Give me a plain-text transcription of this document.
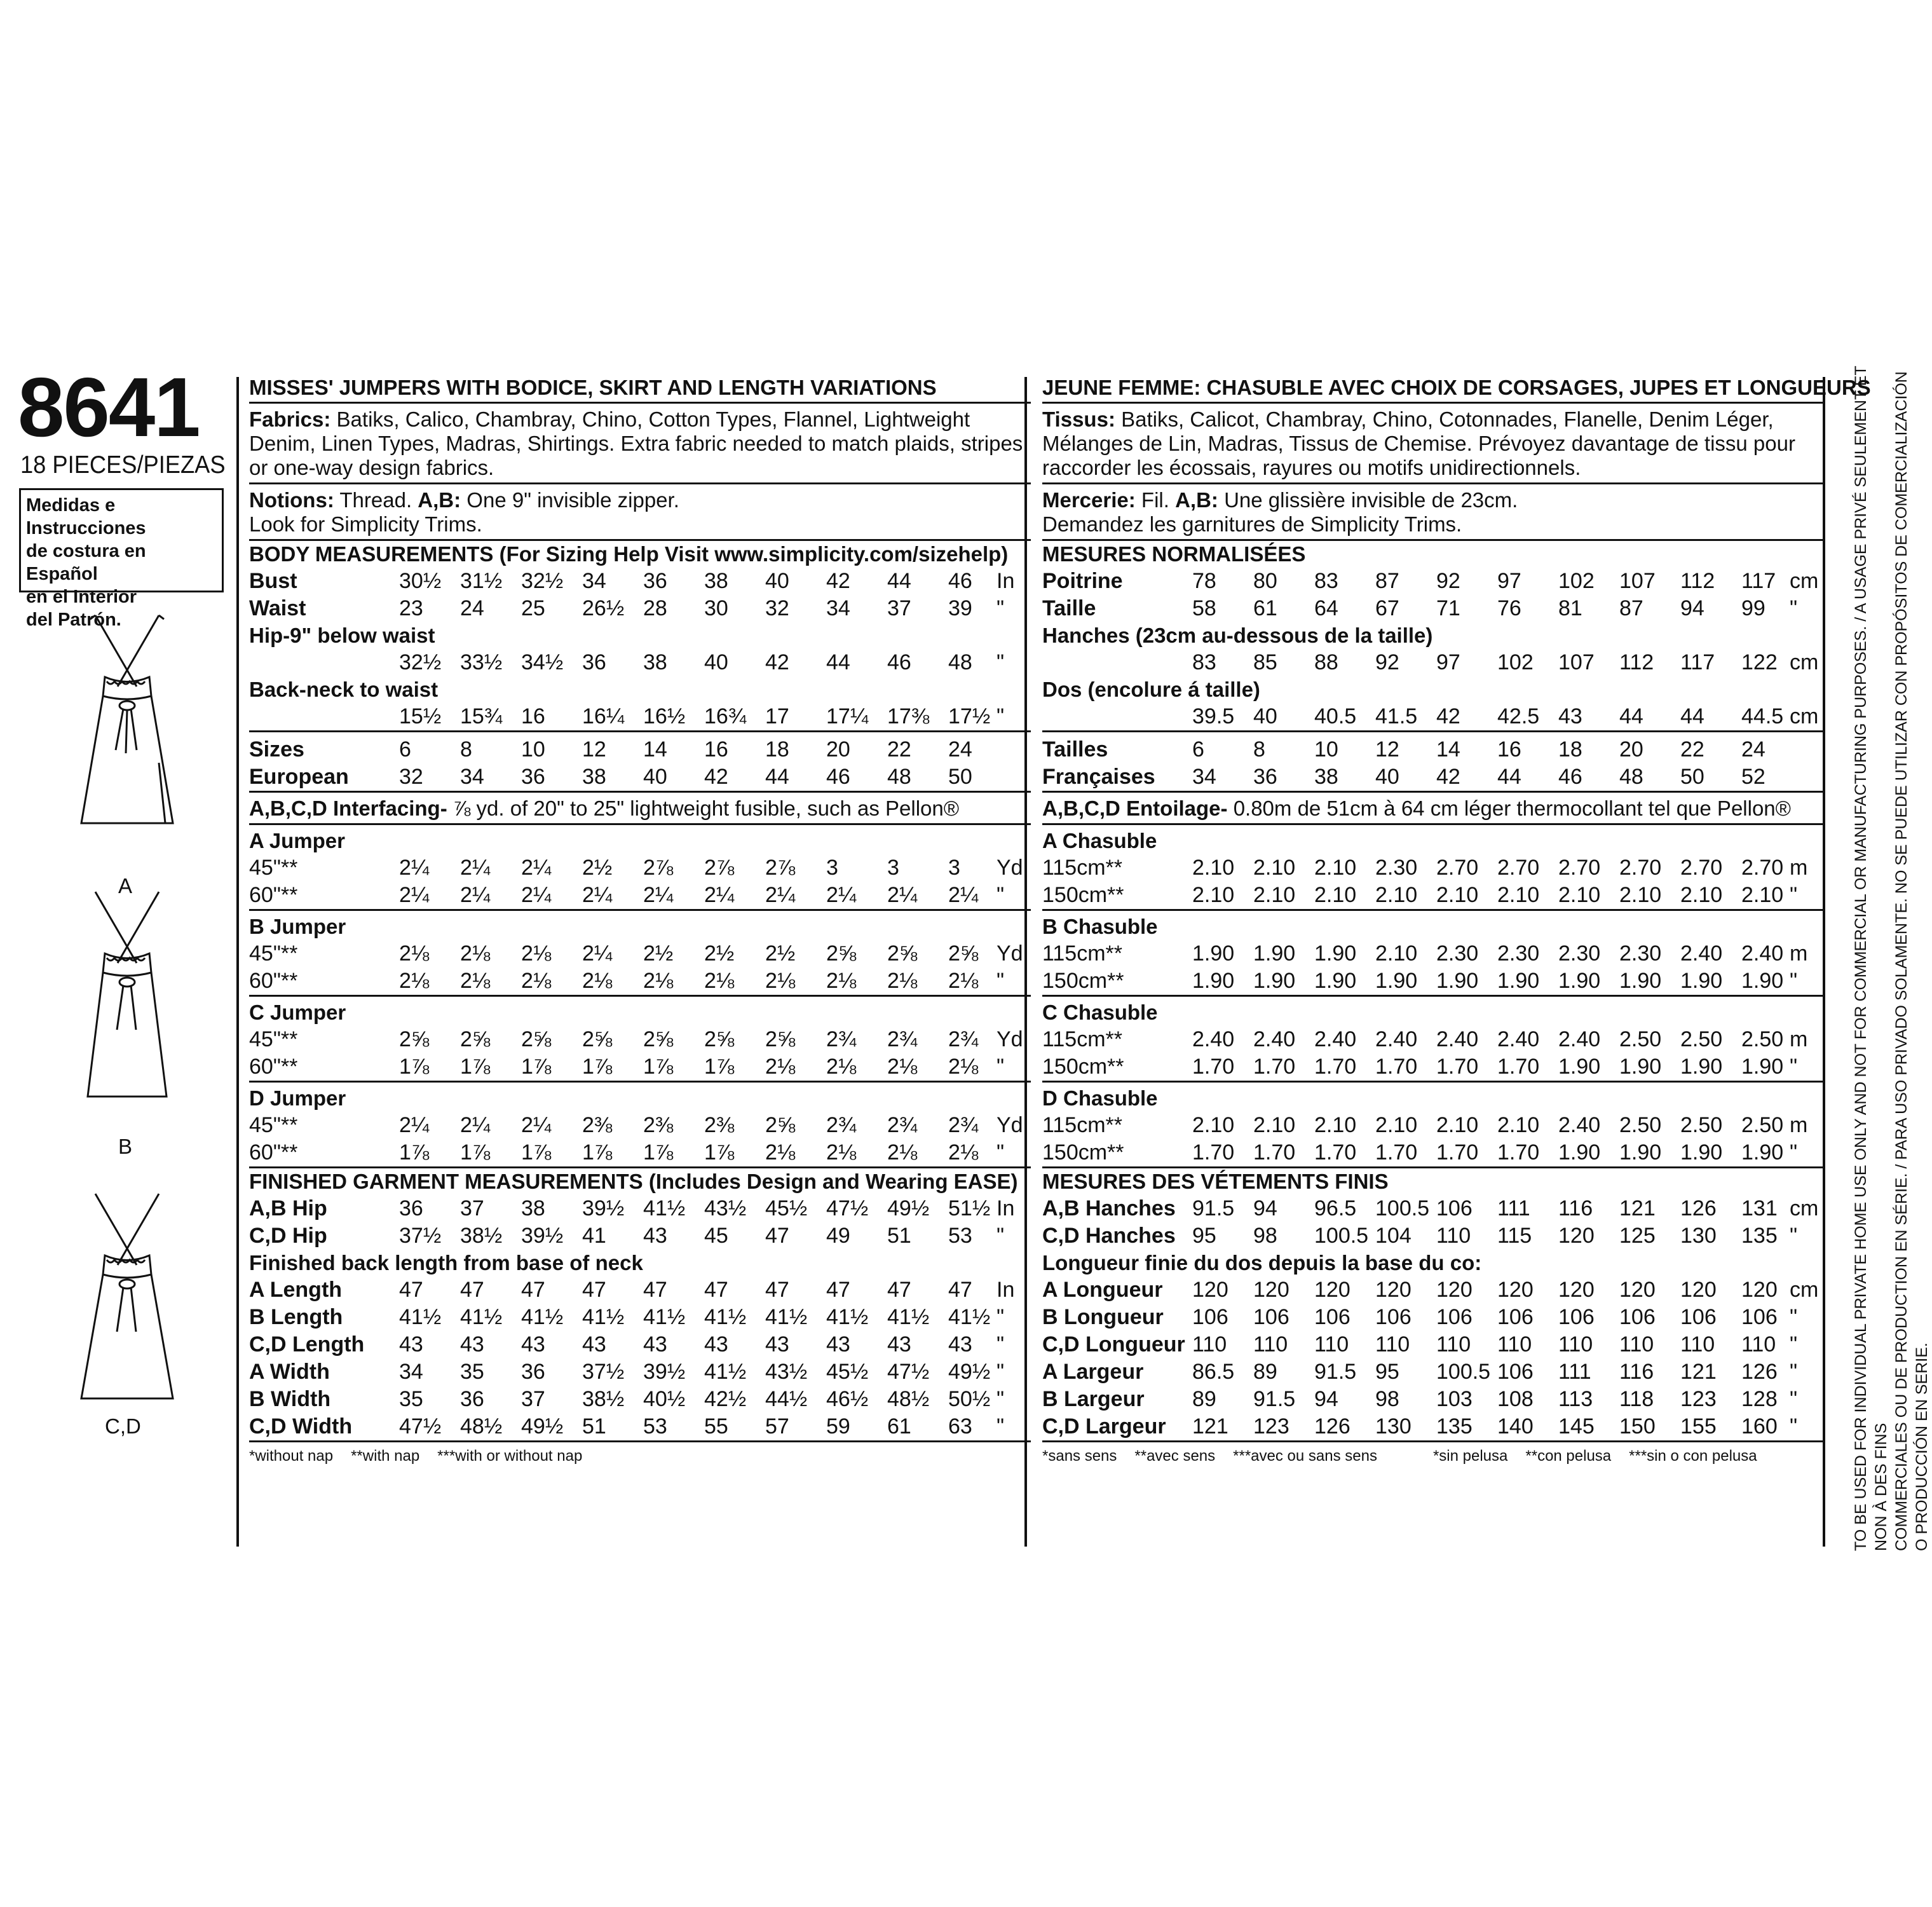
8641
18 PIECES/PIEZAS
Medidas e Instrucciones
de costura en Español
en el Interior
del Patrón.
A
B
C,D
MISSES' JUMPERS WITH BODICE, SKIRT AND LENGTH VARIATIONS
Fabrics: Batiks, Calico, Chambray, Chino, Cotton Types, Flannel, Lightweight Denim, Linen Types, Madras, Shirtings. Extra fabric needed to match plaids, stripes or one-way design fabrics.
Notions: Thread. A,B: One 9" invisible zipper.
Look for Simplicity Trims.
BODY MEASUREMENTS (For Sizing Help Visit www.simplicity.com/sizehelp)
Bust	30½ 31½ 32½ 34 36 38 40 42 44 46 In
Waist	23 24 25 26½ 28 30 32 34 37 39 "
Hip-9" below waist
32½ 33½ 34½ 36 38 40 42 44 46 48 "
Back-neck to waist
15½ 15¾ 16 16¼ 16½ 16¾ 17 17¼ 17⅜ 17½ "
Sizes	6 8 10 12 14 16 18 20 22 24
European 32 34 36 38 40 42 44 46 48 50
A,B,C,D Interfacing- ⅞ yd. of 20" to 25" lightweight fusible, such as Pellon®
A Jumper
45"**	2¼ 2¼ 2¼ 2½ 2⅞ 2⅞ 2⅞ 3 3 3 Yd
60"**	2¼ 2¼ 2¼ 2¼ 2¼ 2¼ 2¼ 2¼ 2¼ 2¼ "
B Jumper
45"**	2⅛ 2⅛ 2⅛ 2¼ 2½ 2½ 2½ 2⅝ 2⅝ 2⅝ Yd
60"**	2⅛ 2⅛ 2⅛ 2⅛ 2⅛ 2⅛ 2⅛ 2⅛ 2⅛ 2⅛ "
C Jumper
45"**	2⅝ 2⅝ 2⅝ 2⅝ 2⅝ 2⅝ 2⅝ 2¾ 2¾ 2¾ Yd
60"**	1⅞ 1⅞ 1⅞ 1⅞ 1⅞ 1⅞ 2⅛ 2⅛ 2⅛ 2⅛ "
D Jumper
45"**	2¼ 2¼ 2¼ 2⅜ 2⅜ 2⅜ 2⅝ 2¾ 2¾ 2¾ Yd
60"**	1⅞ 1⅞ 1⅞ 1⅞ 1⅞ 1⅞ 2⅛ 2⅛ 2⅛ 2⅛ "
FINISHED GARMENT MEASUREMENTS (Includes Design and Wearing EASE)
A,B Hip	36 37 38 39½ 41½ 43½ 45½ 47½ 49½ 51½ In
C,D Hip	37½ 38½ 39½ 41 43 45 47 49 51 53 "
Finished back length from base of neck
A Length	47 47 47 47 47 47 47 47 47 47 In
B Length	41½ 41½ 41½ 41½ 41½ 41½ 41½ 41½ 41½ 41½ "
C,D Length 43 43 43 43 43 43 43 43 43 43 "
A Width	34 35 36 37½ 39½ 41½ 43½ 45½ 47½ 49½ "
B Width	35 36 37 38½ 40½ 42½ 44½ 46½ 48½ 50½ "
C,D Width 47½ 48½ 49½ 51 53 55 57 59 61 63 "
*without nap **with nap ***with or without nap
JEUNE FEMME: CHASUBLE AVEC CHOIX DE CORSAGES, JUPES ET LONGUEURS
Tissus: Batiks, Calicot, Chambray, Chino, Cotonnades, Flanelle, Denim Léger, Mélanges de Lin, Madras, Tissus de Chemise. Prévoyez davantage de tissu pour raccorder les écossais, rayures ou motifs unidirectionnels.
Mercerie: Fil. A,B: Une glissière invisible de 23cm.
Demandez les garnitures de Simplicity Trims.
MESURES NORMALISÉES
Poitrine	78 80 83 87 92 97 102 107 112 117 cm
Taille	58 61 64 67 71 76 81 87 94 99 "
Hanches (23cm au-dessous de la taille)
83 85 88 92 97 102 107 112 117 122 cm
Dos (encolure á taille)
39.5 40 40.5 41.5 42 42.5 43 44 44 44.5 cm
Tailles	6 8 10 12 14 16 18 20 22 24
Françaises 34 36 38 40 42 44 46 48 50 52
A,B,C,D Entoilage- 0.80m de 51cm à 64 cm léger thermocollant tel que Pellon®
A Chasuble
115cm**	2.10 2.10 2.10 2.30 2.70 2.70 2.70 2.70 2.70 2.70 m
150cm**	2.10 2.10 2.10 2.10 2.10 2.10 2.10 2.10 2.10 2.10 "
B Chasuble
115cm**	1.90 1.90 1.90 2.10 2.30 2.30 2.30 2.30 2.40 2.40 m
150cm**	1.90 1.90 1.90 1.90 1.90 1.90 1.90 1.90 1.90 1.90 "
C Chasuble
115cm**	2.40 2.40 2.40 2.40 2.40 2.40 2.40 2.50 2.50 2.50 m
150cm**	1.70 1.70 1.70 1.70 1.70 1.70 1.90 1.90 1.90 1.90 "
D Chasuble
115cm**	2.10 2.10 2.10 2.10 2.10 2.10 2.40 2.50 2.50 2.50 m
150cm**	1.70 1.70 1.70 1.70 1.70 1.70 1.90 1.90 1.90 1.90 "
MESURES DES VÉTEMENTS FINIS
A,B Hanches 91.5 94 96.5 100.5 106 111 116 121 126 131 cm
C,D Hanches 95 98 100.5 104 110 115 120 125 130 135 "
Longueur finie du dos depuis la base du co:
A Longueur 120 120 120 120 120 120 120 120 120 120 cm
B Longueur 106 106 106 106 106 106 106 106 106 106 "
C,D Longueur 110 110 110 110 110 110 110 110 110 110 "
A Largeur 86.5 89 91.5 95 100.5 106 111 116 121 126 "
B Largeur 89 91.5 94 98 103 108 113 118 123 128 "
C,D Largeur 121 123 126 130 135 140 145 150 155 160 "
*sans sens **avec sens ***avec ou sans sens	*sin pelusa **con pelusa ***sin o con pelusa	TO BE USED FOR INDIVIDUAL PRIVATE HOME USE ONLY AND NOT FOR COMMERCIAL OR MANUFACTURING PURPOSES. / A USAGE PRIVÉ SEULEMENT ET NON À DES FINS COMMERCIALES OU DE PRODUCTION EN SÉRIE. / PARA USO PRIVADO SOLAMENTE. NO SE PUEDE UTILIZAR CON PROPÓSITOS DE COMERCIALIZACIÓN O PRODUCCIÓN EN SERIE.
